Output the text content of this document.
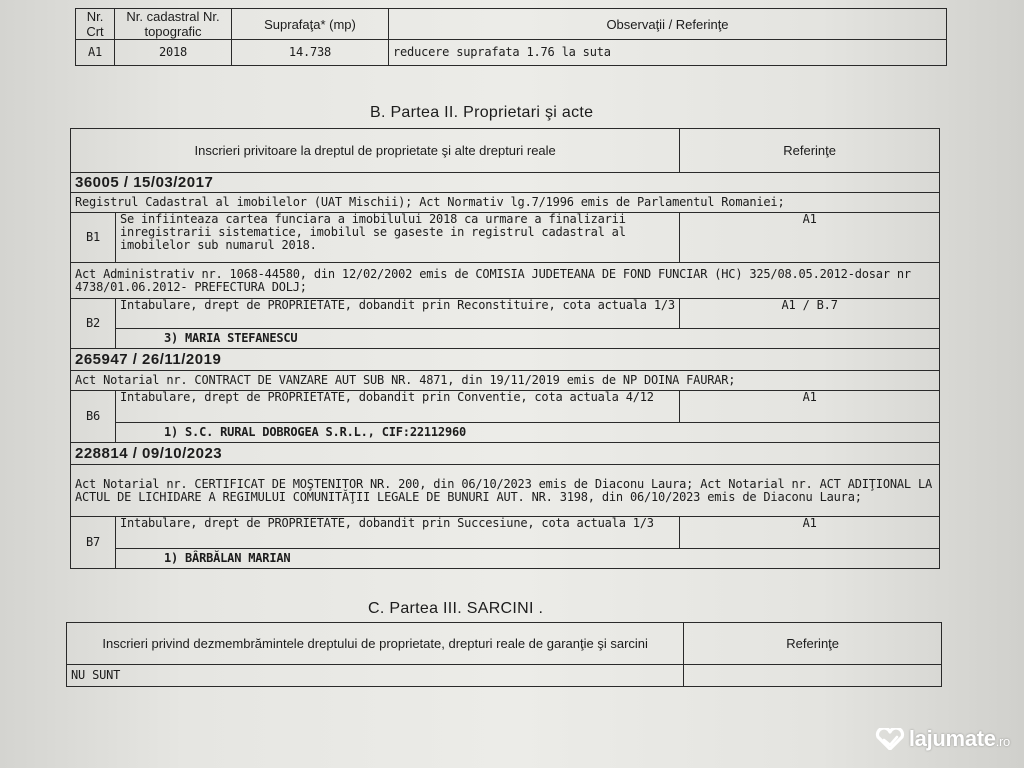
Nr. Crt	Nr. cadastral Nr. topografic	Suprafaţa* (mp)	Observaţii / Referinţe
A1	2018	14.738	reducere suprafata 1.76 la suta
B. Partea II. Proprietari şi acte
Inscrieri privitoare la dreptul de proprietate şi alte drepturi reale		Referinţe
36005 / 15/03/2017		
Registrul Cadastral al imobilelor (UAT Mischii); Act Normativ lg.7/1996 emis de Parlamentul Romaniei;		
B1	Se infiinteaza cartea funciara a imobilului 2018 ca urmare a finalizarii inregistrarii sistematice, imobilul se gaseste in registrul cadastral al imobilelor sub numarul 2018.	A1
Act Administrativ nr. 1068-44580, din 12/02/2002 emis de COMISIA JUDETEANA DE FOND FUNCIAR (HC) 325/08.05.2012-dosar nr 4738/01.06.2012- PREFECTURA DOLJ;		
B2	Intabulare, drept de PROPRIETATE, dobandit prin Reconstituire, cota actuala 1/3	A1 / B.7
	3) MARIA STEFANESCU	
265947 / 26/11/2019		
Act Notarial nr. CONTRACT DE VANZARE AUT SUB NR. 4871, din 19/11/2019 emis de NP DOINA FAURAR;		
B6	Intabulare, drept de PROPRIETATE, dobandit prin Conventie, cota actuala 4/12	A1
	1) S.C. RURAL DOBROGEA S.R.L., CIF:22112960	
228814 / 09/10/2023		
Act Notarial nr. CERTIFICAT DE MOŞTENITOR NR. 200, din 06/10/2023 emis de Diaconu Laura; Act Notarial nr. ACT ADIŢIONAL LA ACTUL DE LICHIDARE A REGIMULUI COMUNITĂŢII LEGALE DE BUNURI AUT. NR. 3198, din 06/10/2023 emis de Diaconu Laura;		
B7	Intabulare, drept de PROPRIETATE, dobandit prin Succesiune, cota actuala 1/3	A1
	1) BÂRBĂLAN MARIAN	
C. Partea III. SARCINI .
Inscrieri privind dezmembrămintele dreptului de proprietate, drepturi reale de garanţie şi sarcini	Referinţe
NU SUNT	
lajumate.ro
